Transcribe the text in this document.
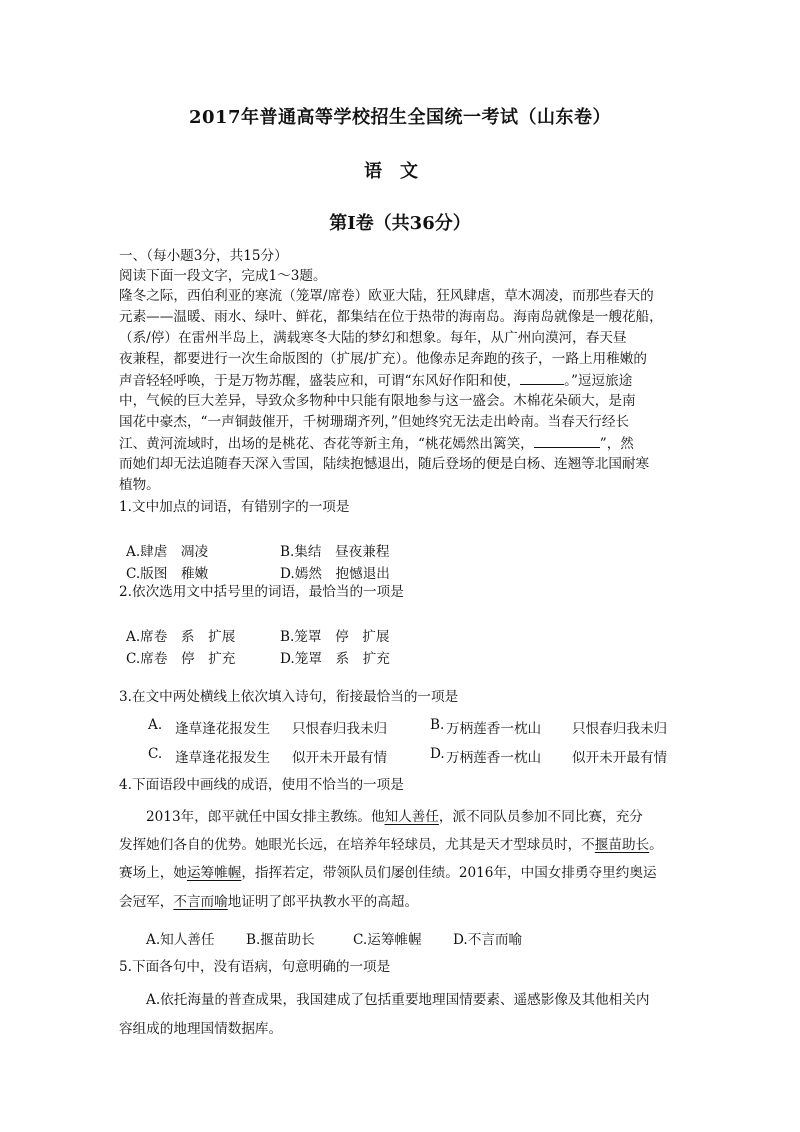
2017年普通高等学校招生全国统一考试（山东卷）
语文
第Ⅰ卷（共36分）
一、（每小题3分，共15分）
阅读下面一段文字，完成1～3题。
隆冬之际，西伯利亚的寒流（笼罩/席卷）欧亚大陆，狂风肆虐，草木凋凌，而那些春天的
元素——温暖、雨水、绿叶、鲜花，都集结在位于热带的海南岛。海南岛就像是一艘花船，
（系/停）在雷州半岛上，满载寒冬大陆的梦幻和想象。每年，从广州向漠河，春天昼
夜兼程，都要进行一次生命版图的（扩展/扩充）。他像赤足奔跑的孩子，一路上用稚嫩的
声音轻轻呼唤，于是万物苏醒，盛装应和，可谓“东风好作阳和使，	。”逗逗旅途
中，气候的巨大差异，导致众多物种中只能有限地参与这一盛会。木棉花朵硕大，是南
国花中豪杰，“一声铜鼓催开，千树珊瑚齐列，”但她终究无法走出岭南。当春天行经长
江、黄河流域时，出场的是桃花、杏花等新主角，“桃花嫣然出篱笑，	”，然
而她们却无法追随春天深入雪国，陆续抱憾退出，随后登场的便是白杨、连翘等北国耐寒
植物。
1.文中加点的词语，有错别字的一项是
A.肆虐　凋凌	B.集结　昼夜兼程
C.版图　稚嫩	D.嫣然　抱憾退出
2.依次选用文中括号里的词语，最恰当的一项是
A.席卷　系　扩展	B.笼罩　停　扩展
C.席卷　停　扩充	D.笼罩　系　扩充
3.在文中两处横线上依次填入诗句，衔接最恰当的一项是
A. 逢草逢花报发生 只恨春归我未归	B. 万柄莲香一枕山 只恨春归我未归
C. 逢草逢花报发生 似开未开最有情	D. 万柄莲香一枕山 似开未开最有情
4.下面语段中画线的成语，使用不恰当的一项是
2013年，郎平就任中国女排主教练。他知人善任，派不同队员参加不同比赛，充分
发挥她们各自的优势。她眼光长远，在培养年轻球员，尤其是天才型球员时，不揠苗助长。
赛场上，她运筹帷幄，指挥若定，带领队员们屡创佳绩。2016年，中国女排勇夺里约奥运
会冠军，不言而喻地证明了郎平执教水平的高超。
A.知人善任 B.揠苗助长	C.运筹帷幄 D.不言而喻
5.下面各句中，没有语病，句意明确的一项是
A.依托海量的普查成果，我国建成了包括重要地理国情要素、遥感影像及其他相关内
容组成的地理国情数据库。
